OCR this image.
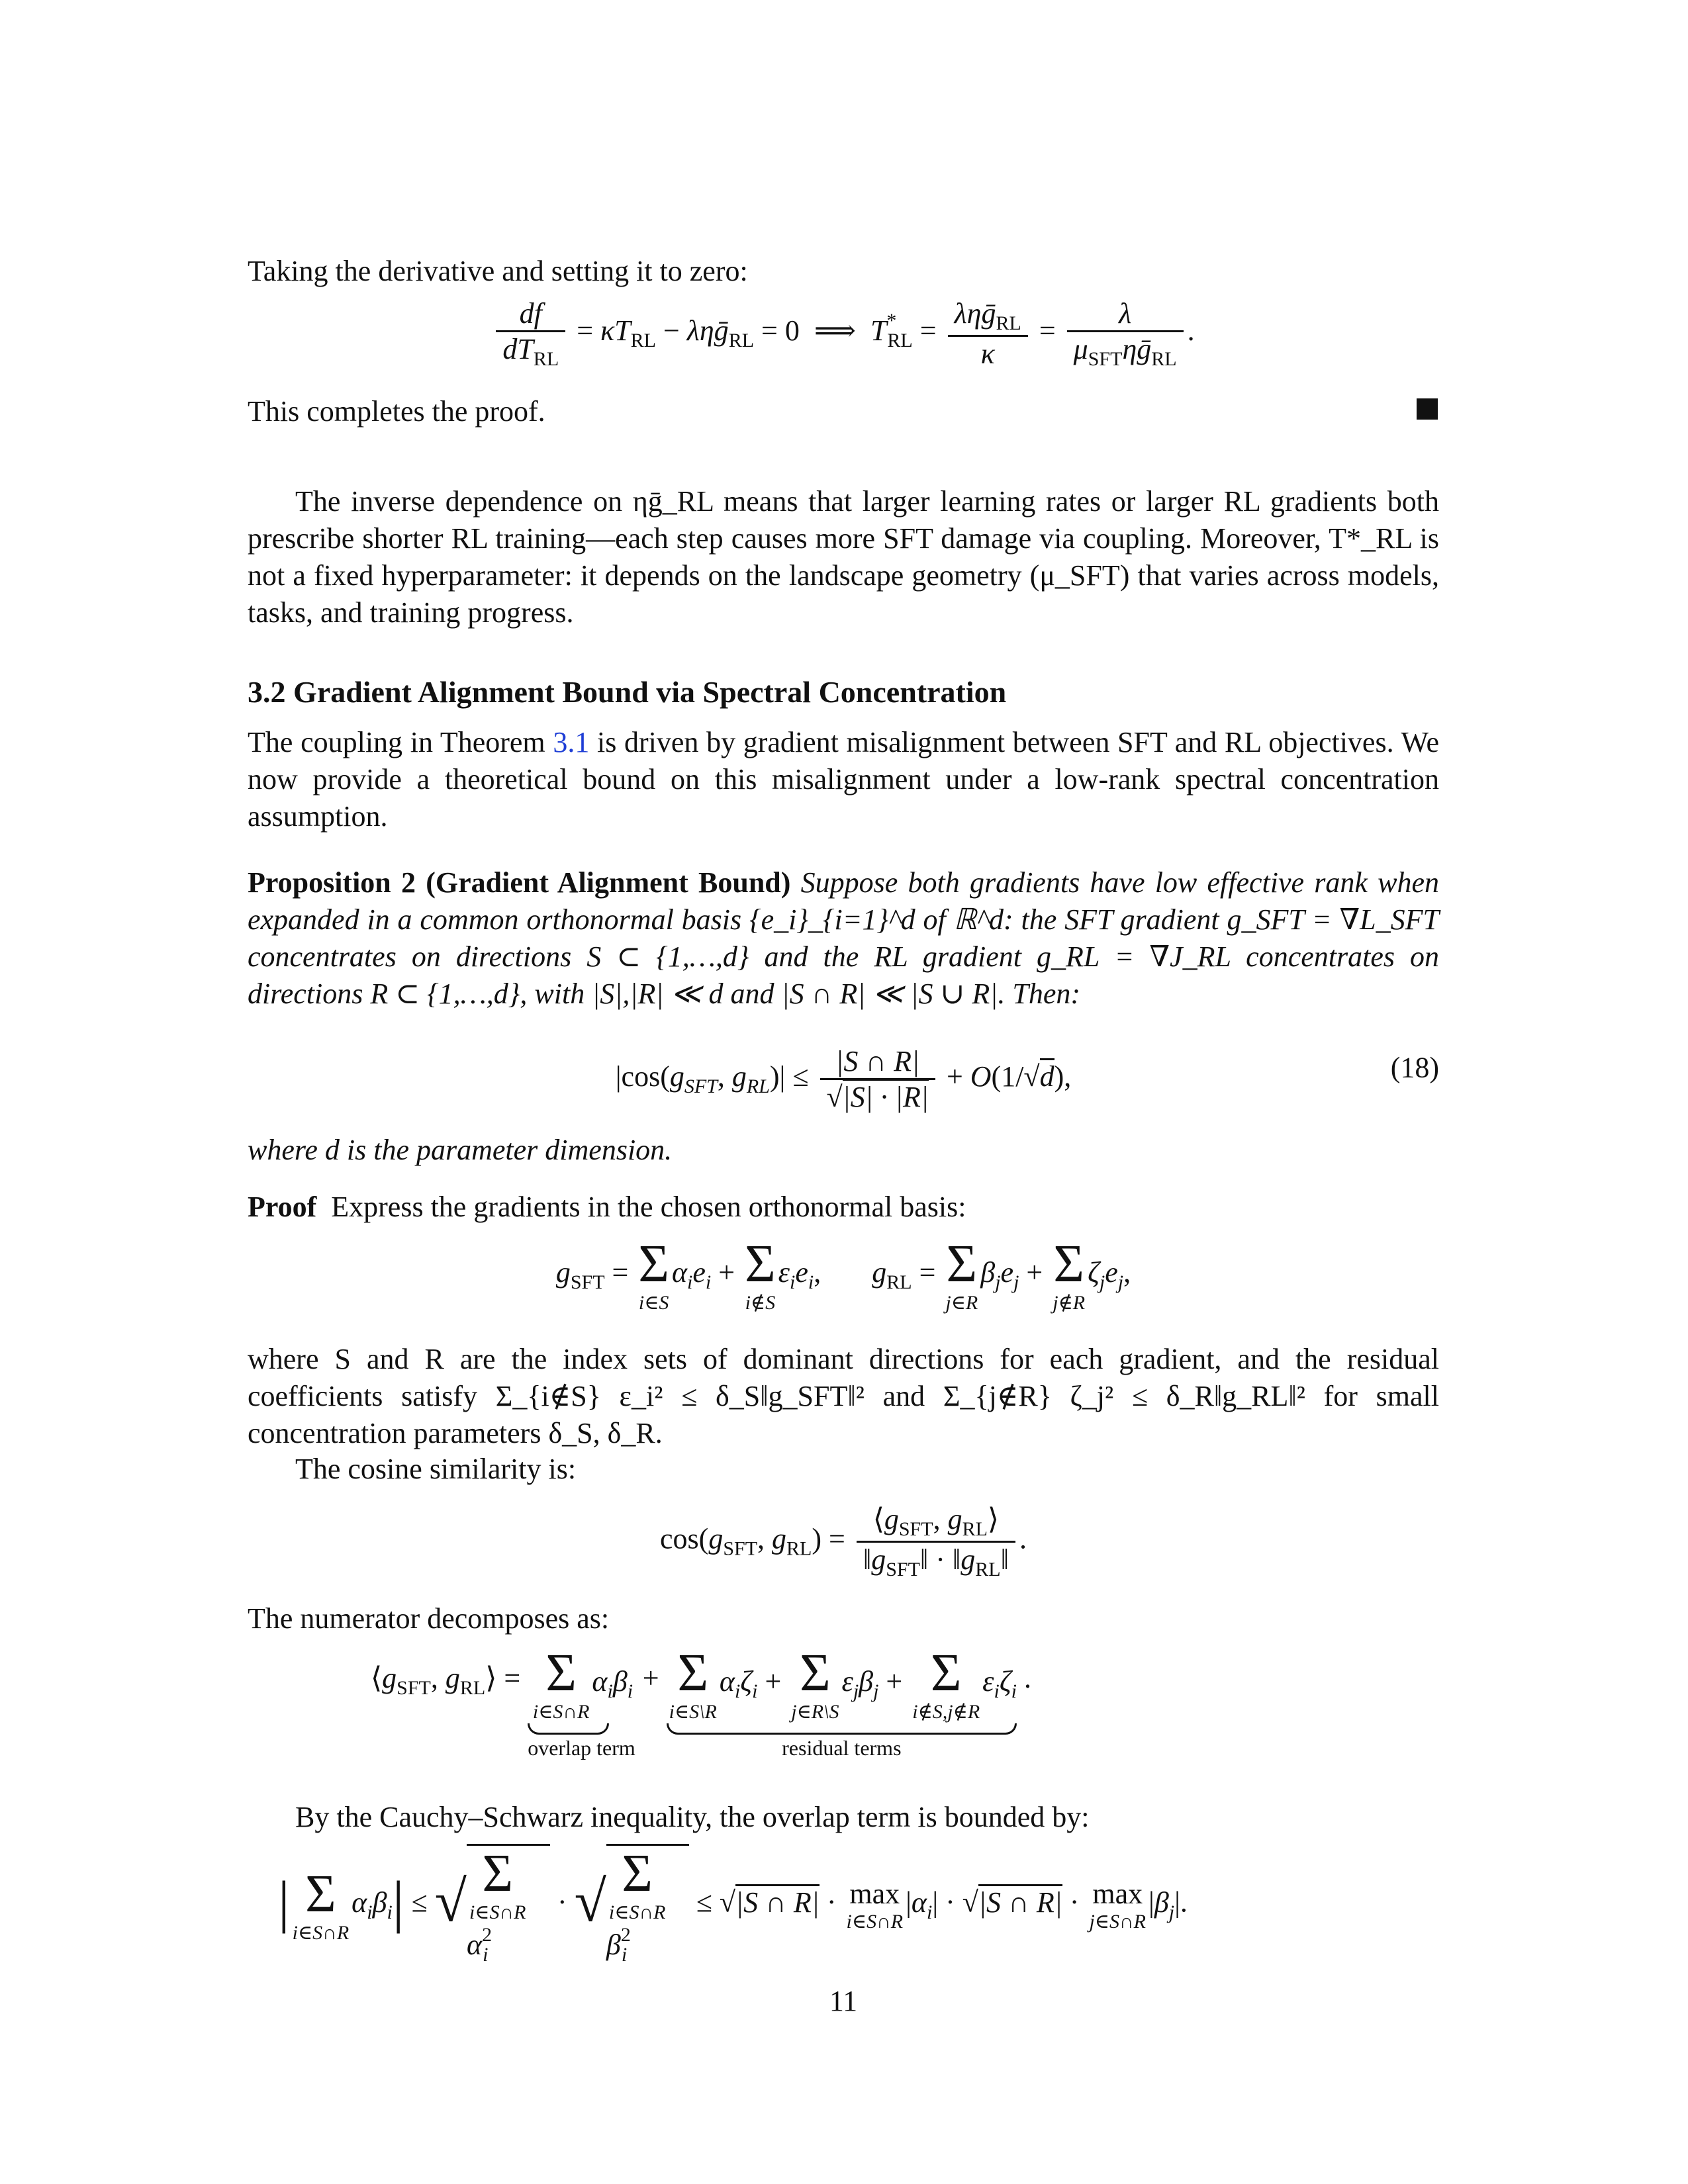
Taking the derivative and setting it to zero:
$\frac{df}{dT_{RL}} = \kappa T_{RL}$ − ληḡ$_{RL}$ = 0  ⟹  $T^*_{RL} = \frac{\lambda\eta ḡ_{RL}}{\kappa} = \frac{\lambda}{\mu_{SFT}\eta ḡ_{RL}}$ .
This completes the proof.
The inverse dependence on ηḡ_RL means that larger learning rates or larger RL gradients both prescribe shorter RL training—each step causes more SFT damage via coupling. Moreover, T*_RL is not a fixed hyperparameter: it depends on the landscape geometry (μ_SFT) that varies across models, tasks, and training progress.
3.2 Gradient Alignment Bound via Spectral Concentration
The coupling in Theorem 3.1 is driven by gradient misalignment between SFT and RL objectives. We now provide a theoretical bound on this misalignment under a low-rank spectral concentration assumption.
Proposition 2 (Gradient Alignment Bound) Suppose both gradients have low effective rank when expanded in a common orthonormal basis {e_i}_{i=1}^d of ℝ^d: the SFT gradient g_SFT = ∇L_SFT concentrates on directions S ⊂ {1,…,d} and the RL gradient g_RL = ∇J_RL concentrates on directions R ⊂ {1,…,d}, with |S|,|R| ≪ d and |S ∩ R| ≪ |S ∪ R|. Then:
$|\cos(g_{SFT}$, $g_{RL})| \le \frac{|S \cap R|}{√|S| \cdot |R|} + O(1/√d)$,	(18)
where d is the parameter dimension.
Proof Express the gradients in the chosen orthonormal basis:
$g_{SFT} = \Sigma$
i∈S
$\alpha_ie_i + \Sigma$
i∉S
$\varepsilon_ie_i$,       $g_{RL} = \Sigma$
j∈R
$\beta_je_j + \Sigma$
j∉R
$\zeta_je_j$,
where S and R are the index sets of dominant directions for each gradient, and the residual coefficients satisfy Σ_{i∉S} ε_i² ≤ δ_S‖g_SFT‖² and Σ_{j∉R} ζ_j² ≤ δ_R‖g_RL‖² for small concentration parameters δ_S, δ_R.
The cosine similarity is:
$\cos(g_{SFT}$, $g_{RL}) = \frac{⟨g_{SFT}, g_{RL}⟩}{‖g_{SFT}‖ \cdot ‖g_{RL}‖}$ .
The numerator decomposes as:
$⟨g_{SFT}$, $g_{RL}⟩ = \Sigma$
i∈S∩R
$\alpha_i\beta_i$
overlap term
+ Σ
i∈S\R
$\alpha_i\zeta_i + \Sigma$
j∈R\S
$\varepsilon_j\beta_j + \Sigma$
i∉S,j∉R
$\varepsilon_i\zeta_i$
residual terms
.
By the Cauchy–Schwarz inequality, the overlap term is bounded by:
| Σ
i∈S∩R
$\alpha_i\beta_i|$ ≤ √ Σ
i∈S∩R
$\alpha^2_i$ · √ Σ
i∈S∩R
$\beta^2_i \le √|S$ ∩ R| · max
i∈S∩R
$|\alpha_i| \cdot √|S$ ∩ R| · max
j∈S∩R
$|\beta_j|$.
11
